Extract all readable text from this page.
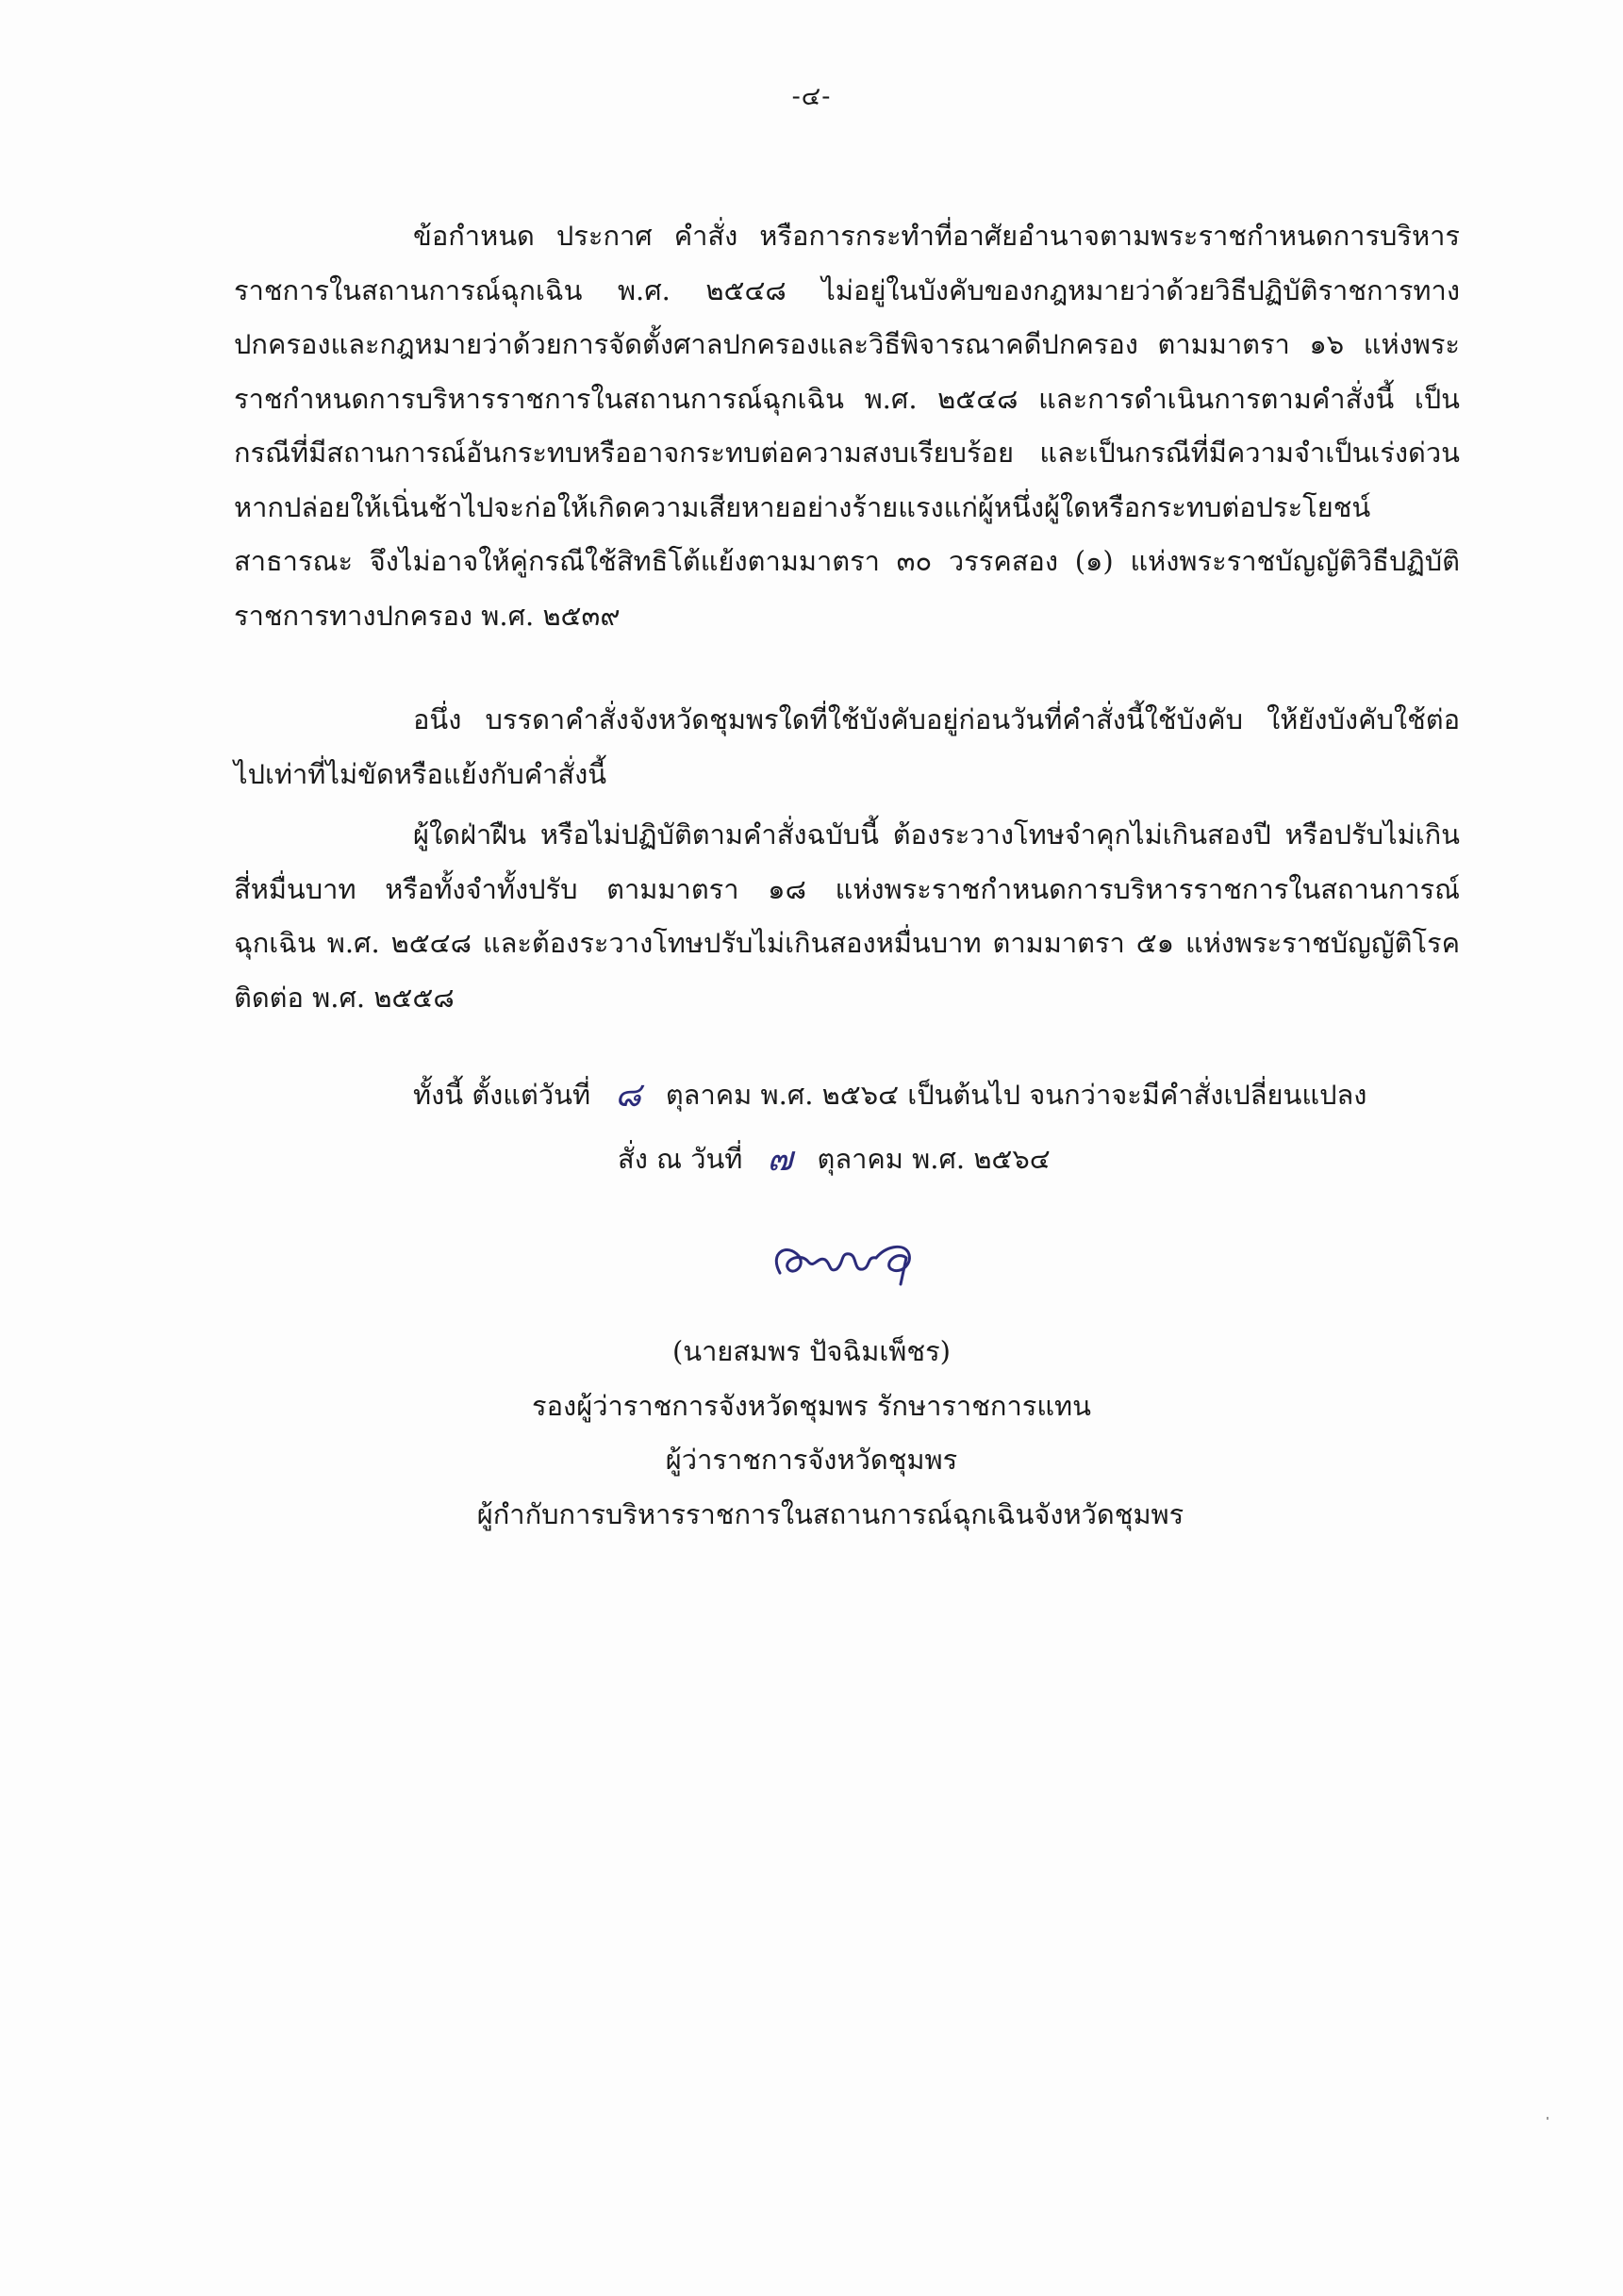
-๔-

ข้อกำหนด ประกาศ คำสั่ง หรือการกระทำที่อาศัยอำนาจตามพระราชกำหนดการบริหารราชการในสถานการณ์ฉุกเฉิน พ.ศ. ๒๕๔๘ ไม่อยู่ในบังคับของกฎหมายว่าด้วยวิธีปฏิบัติราชการทางปกครองและกฎหมายว่าด้วยการจัดตั้งศาลปกครองและวิธีพิจารณาคดีปกครอง ตามมาตรา ๑๖ แห่งพระราชกำหนดการบริหารราชการในสถานการณ์ฉุกเฉิน พ.ศ. ๒๕๔๘ และการดำเนินการตามคำสั่งนี้ เป็นกรณีที่มีสถานการณ์อันกระทบหรืออาจกระทบต่อความสงบเรียบร้อย และเป็นกรณีที่มีความจำเป็นเร่งด่วน หากปล่อยให้เนิ่นช้าไปจะก่อให้เกิดความเสียหายอย่างร้ายแรงแก่ผู้หนึ่งผู้ใดหรือกระทบต่อประโยชน์สาธารณะ จึงไม่อาจให้คู่กรณีใช้สิทธิโต้แย้งตามมาตรา ๓๐ วรรคสอง (๑) แห่งพระราชบัญญัติวิธีปฏิบัติราชการทางปกครอง พ.ศ. ๒๕๓๙

อนึ่ง บรรดาคำสั่งจังหวัดชุมพรใดที่ใช้บังคับอยู่ก่อนวันที่คำสั่งนี้ใช้บังคับ ให้ยังบังคับใช้ต่อไปเท่าที่ไม่ขัดหรือแย้งกับคำสั่งนี้

ผู้ใดฝ่าฝืน หรือไม่ปฏิบัติตามคำสั่งฉบับนี้ ต้องระวางโทษจำคุกไม่เกินสองปี หรือปรับไม่เกินสี่หมื่นบาท หรือทั้งจำทั้งปรับ ตามมาตรา ๑๘ แห่งพระราชกำหนดการบริหารราชการในสถานการณ์ฉุกเฉิน พ.ศ. ๒๕๔๘ และต้องระวางโทษปรับไม่เกินสองหมื่นบาท ตามมาตรา ๕๑ แห่งพระราชบัญญัติโรคติดต่อ พ.ศ. ๒๕๕๘

ทั้งนี้ ตั้งแต่วันที่ ๘ ตุลาคม พ.ศ. ๒๕๖๔ เป็นต้นไป จนกว่าจะมีคำสั่งเปลี่ยนแปลง
สั่ง ณ วันที่ ๗ ตุลาคม พ.ศ. ๒๕๖๔
(นายสมพร ปัจฉิมเพ็ชร)
รองผู้ว่าราชการจังหวัดชุมพร รักษาราชการแทน
ผู้ว่าราชการจังหวัดชุมพร
ผู้กำกับการบริหารราชการในสถานการณ์ฉุกเฉินจังหวัดชุมพร
